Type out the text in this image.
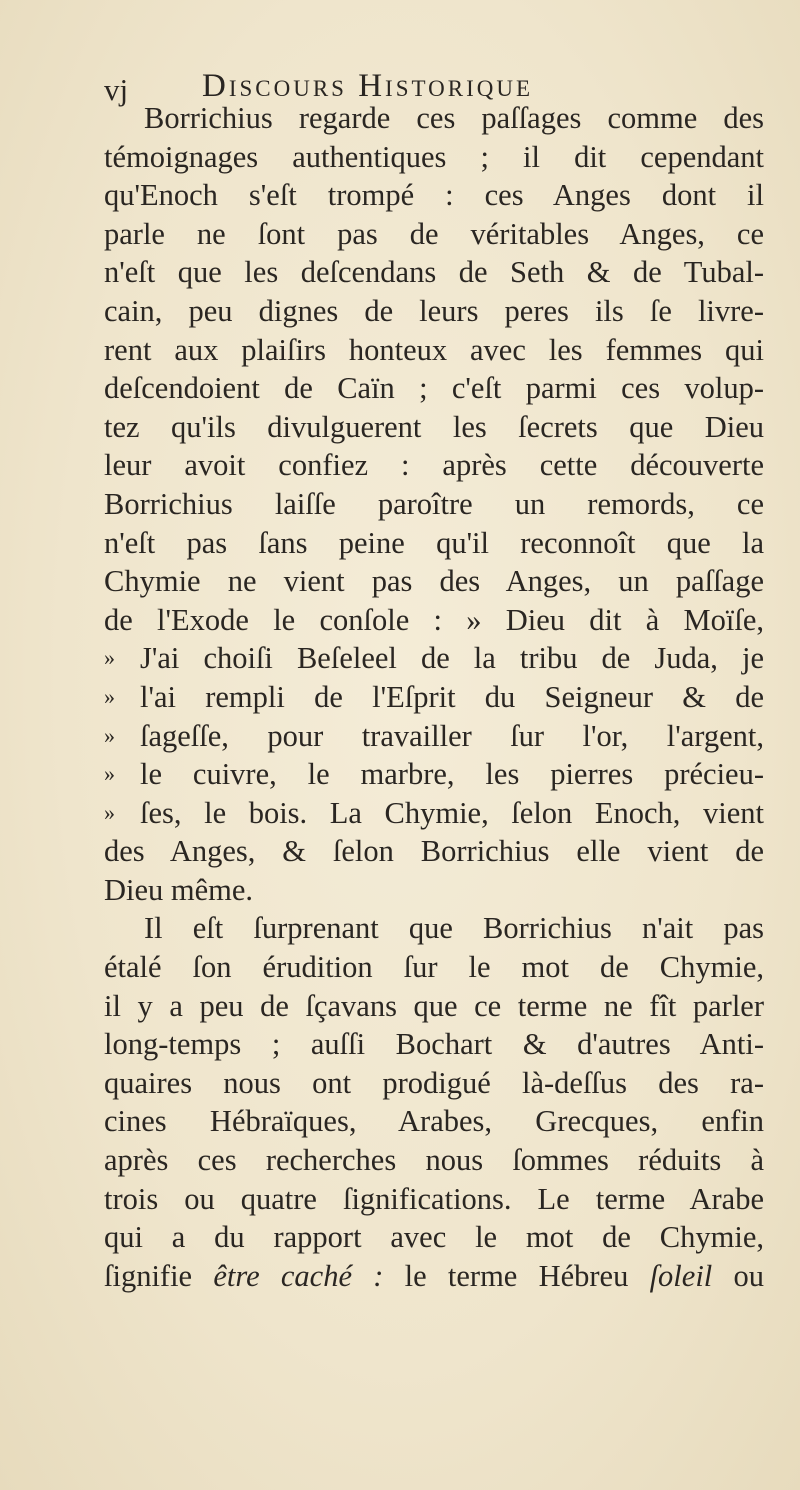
vj Discours Historique
Borrichius regarde ces paſſages comme des
témoignages authentiques ; il dit cependant
qu'Enoch s'eſt trompé : ces Anges dont il
parle ne ſont pas de véritables Anges, ce
n'eſt que les deſcendans de Seth & de Tubal-
cain, peu dignes de leurs peres ils ſe livre-
rent aux plaiſirs honteux avec les femmes qui
deſcendoient de Caïn ; c'eſt parmi ces volup-
tez qu'ils divulguerent les ſecrets que Dieu
leur avoit confiez : après cette découverte
Borrichius laiſſe paroître un remords, ce
n'eſt pas ſans peine qu'il reconnoît que la
Chymie ne vient pas des Anges, un paſſage
de l'Exode le conſole : » Dieu dit à Moïſe,
» J'ai choiſi Beſeleel de la tribu de Juda, je
» l'ai rempli de l'Eſprit du Seigneur & de
» ſageſſe, pour travailler ſur l'or, l'argent,
» le cuivre, le marbre, les pierres précieu-
» ſes, le bois. La Chymie, ſelon Enoch, vient
des Anges, & ſelon Borrichius elle vient de
Dieu même.
Il eſt ſurprenant que Borrichius n'ait pas
étalé ſon érudition ſur le mot de Chymie,
il y a peu de ſçavans que ce terme ne fît parler
long-temps ; auſſi Bochart & d'autres Anti-
quaires nous ont prodigué là-deſſus des ra-
cines Hébraïques, Arabes, Grecques, enfin
après ces recherches nous ſommes réduits à
trois ou quatre ſignifications. Le terme Arabe
qui a du rapport avec le mot de Chymie,
ſignifie être caché : le terme Hébreu ſoleil ou
